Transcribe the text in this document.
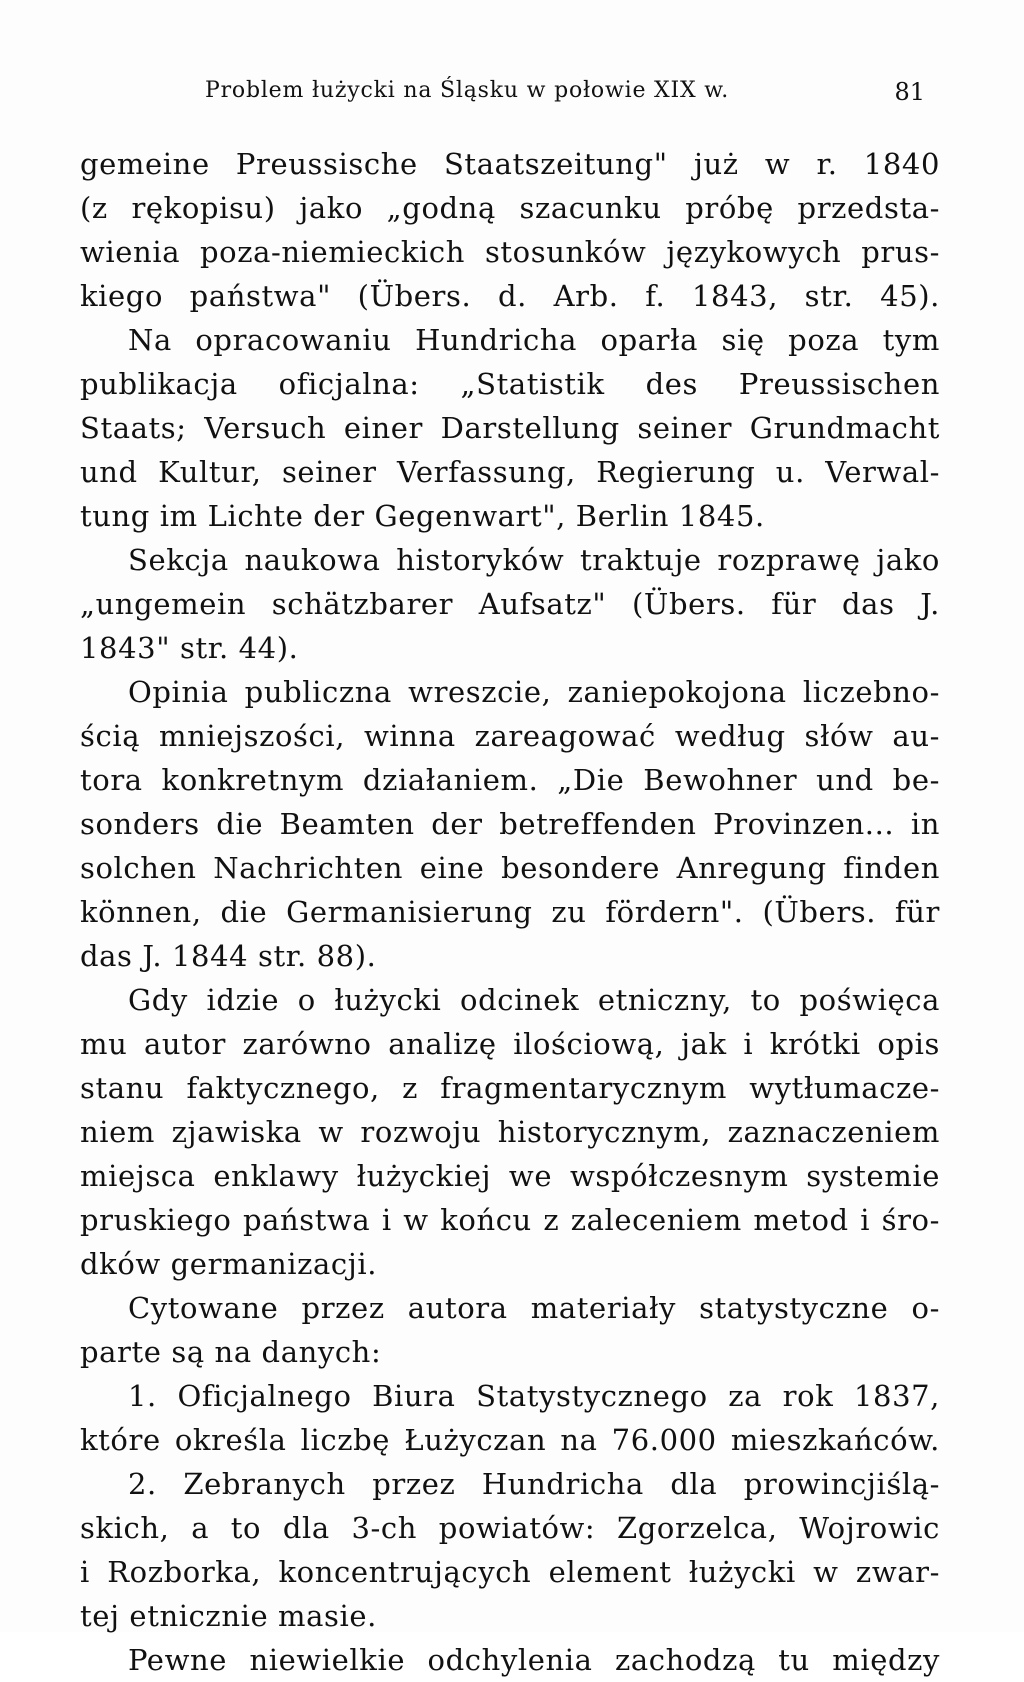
Problem łużycki na Śląsku w połowie XIX w.	81
gemeine Preussische Staatszeitung" już w r. 1840
(z rękopisu) jako „godną szacunku próbę przedsta-
wienia poza-niemieckich stosunków językowych prus-
kiego państwa" (Übers. d. Arb. f. 1843, str. 45).
Na opracowaniu Hundricha oparła się poza tym
publikacja oficjalna: „Statistik des Preussischen
Staats; Versuch einer Darstellung seiner Grundmacht
und Kultur, seiner Verfassung, Regierung u. Verwal-
tung im Lichte der Gegenwart", Berlin 1845.
Sekcja naukowa historyków traktuje rozprawę jako
„ungemein schätzbarer Aufsatz" (Übers. für das J.
1843" str. 44).
Opinia publiczna wreszcie, zaniepokojona liczebno-
ścią mniejszości, winna zareagować według słów au-
tora konkretnym działaniem. „Die Bewohner und be-
sonders die Beamten der betreffenden Provinzen... in
solchen Nachrichten eine besondere Anregung finden
können, die Germanisierung zu fördern". (Übers. für
das J. 1844 str. 88).
Gdy idzie o łużycki odcinek etniczny, to poświęca
mu autor zarówno analizę ilościową, jak i krótki opis
stanu faktycznego, z fragmentarycznym wytłumacze-
niem zjawiska w rozwoju historycznym, zaznaczeniem
miejsca enklawy łużyckiej we współczesnym systemie
pruskiego państwa i w końcu z zaleceniem metod i śro-
dków germanizacji.
Cytowane przez autora materiały statystyczne o-
parte są na danych:
1. Oficjalnego Biura Statystycznego za rok 1837,
które określa liczbę Łużyczan na 76.000 mieszkańców.
2. Zebranych przez Hundricha dla prowincjiślą-
skich, a to dla 3-ch powiatów: Zgorzelca, Wojrowic
i Rozborka, koncentrujących element łużycki w zwar-
tej etnicznie masie.
Pewne niewielkie odchylenia zachodzą tu między
